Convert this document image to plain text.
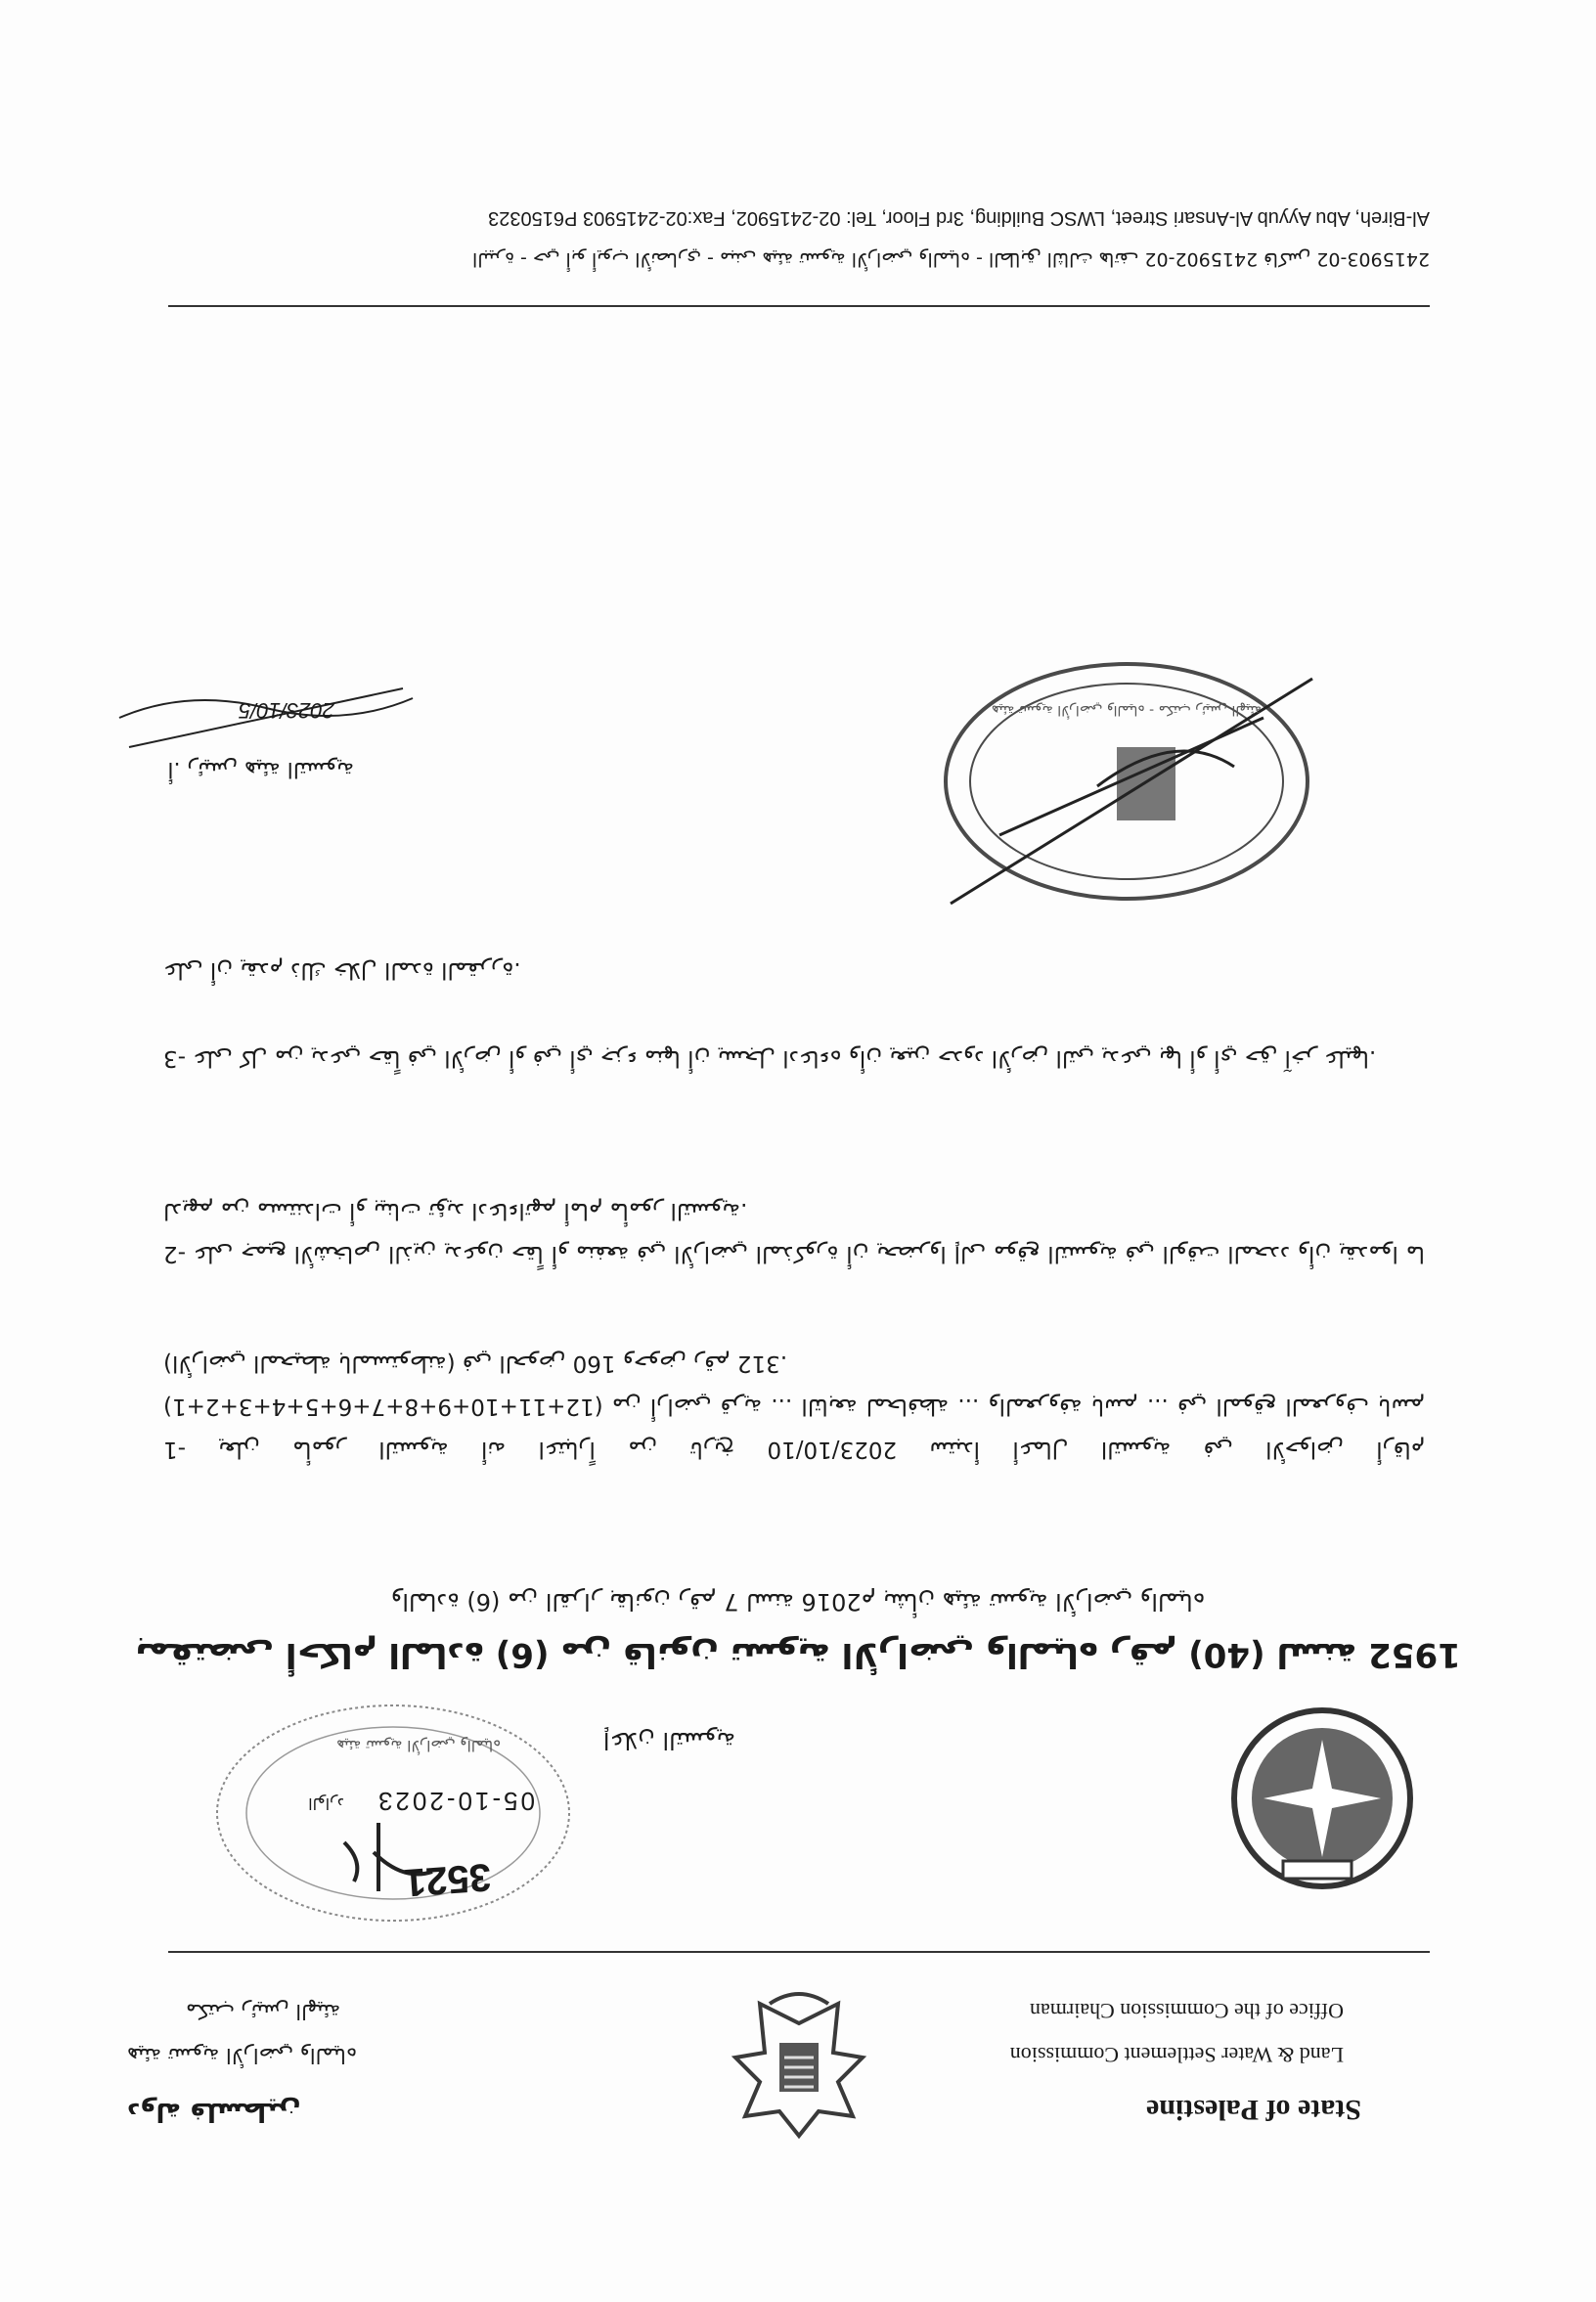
State of Palestine
Land & Water Settlement Commission
Office of the Commission Chairman
دولة فلسطين
هيئة تسوية الأراضي والمياه
مكتب رئيس الهيئة
3521
05-10-2023
الوارد
هيئة تسوية الأراضي والمياه	إعلان التسوية
بمقتضى أحكام المادة (6) من قانون تسوية الأراضي والمياه رقم (40) لسنة 1952
والمادة (6) من القرار بقانون رقم 7 لسنة 2016م بشأن هيئة تسوية الأراضي والمياه
1- يعلن مأمور التسوية أنه اعتباراً من تاريخ 2023/10/10 ستبدأ أعمال التسوية في الأحواض أرقام (1+2+3+4+5+6+7+8+9+10+11+12) من أراضي قرية ... التابعة لمحافظة ... والمعروفة باسم ... في الموقع المعروف باسم (الأراضي المحيطة بالمستوطنة) في الحوض 160 وحوض رقم 312.
2- على جميع الأشخاص الذين يدعون حقاً أو منفعة في الأراضي المذكورة أن يحضروا إلى موقع التسوية في الوقت المحدد وأن يقدموا ما لديهم من مستندات أو بينات تؤيد ادعاءاتهم أمام مأمور التسوية.
3- على كل من يدعي حقاً في الأرض أو في أي جزء منها أن يسجل ادعاءه وأن يعين حدود الأرض التي يدعي بها أو أي حق آخر عليها.
على أن يقدم ذلك خلال المدة المقررة.
هيئة تسوية الأراضي والمياه - مكتب رئيس الهيئة
أ. رئيس هيئة التسوية
2023/10/5
البيرة - حي أبو أيوب الأنصاري - مبنى هيئة تسوية الأراضي والمياه - الطابق الثالث هاتف 02-2415902 فاكس 02-2415903
Al-Bireh, Abu Ayyub Al-Ansari Street, LWSC Building, 3rd Floor, Tel: 02-2415902, Fax:02-2415903 P6150323
